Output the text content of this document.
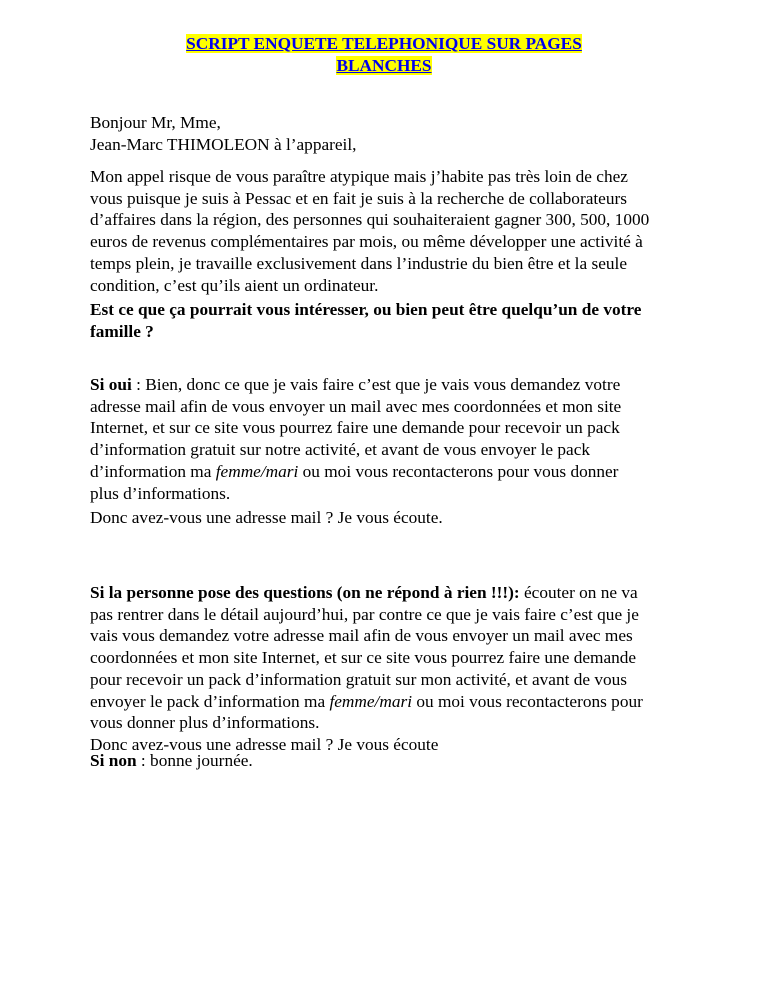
SCRIPT ENQUETE TELEPHONIQUE SUR PAGES
BLANCHES

Bonjour Mr, Mme,

Jean-Marc THIMOLEON à l’appareil,

Mon appel risque de vous paraître atypique mais j’habite pas très loin de chez

vous puisque je suis à Pessac et en fait je suis à la recherche de collaborateurs

d’affaires dans la région, des personnes qui souhaiteraient gagner 300, 500, 1000

euros de revenus complémentaires par mois, ou même développer une activité à

temps plein, je travaille exclusivement dans l’industrie du bien être et la seule

condition, c’est qu’ils aient un ordinateur.

Est ce que ça pourrait vous intéresser, ou bien peut être quelqu’un de votre

famille ?

Si oui : Bien, donc ce que je vais faire c’est que je vais vous demandez votre

adresse mail afin de vous envoyer un mail avec mes coordonnées et mon site

Internet, et sur ce site vous pourrez faire une demande pour recevoir un pack

d’information gratuit sur notre activité, et avant de vous envoyer le pack

d’information ma femme/mari ou moi vous recontacterons pour vous donner

plus d’informations.

Donc avez-vous une adresse mail ? Je vous écoute.

Si la personne pose des questions (on ne répond à rien !!!): écouter on ne va

pas rentrer dans le détail aujourd’hui, par contre ce que je vais faire c’est que je

vais vous demandez votre adresse mail afin de vous envoyer un mail avec mes

coordonnées et mon site Internet, et sur ce site vous pourrez faire une demande

pour recevoir un pack d’information gratuit sur mon activité, et avant de vous

envoyer le pack d’information ma femme/mari ou moi vous recontacterons pour

vous donner plus d’informations.

Donc avez-vous une adresse mail ? Je vous écoute

Si non : bonne journée.
